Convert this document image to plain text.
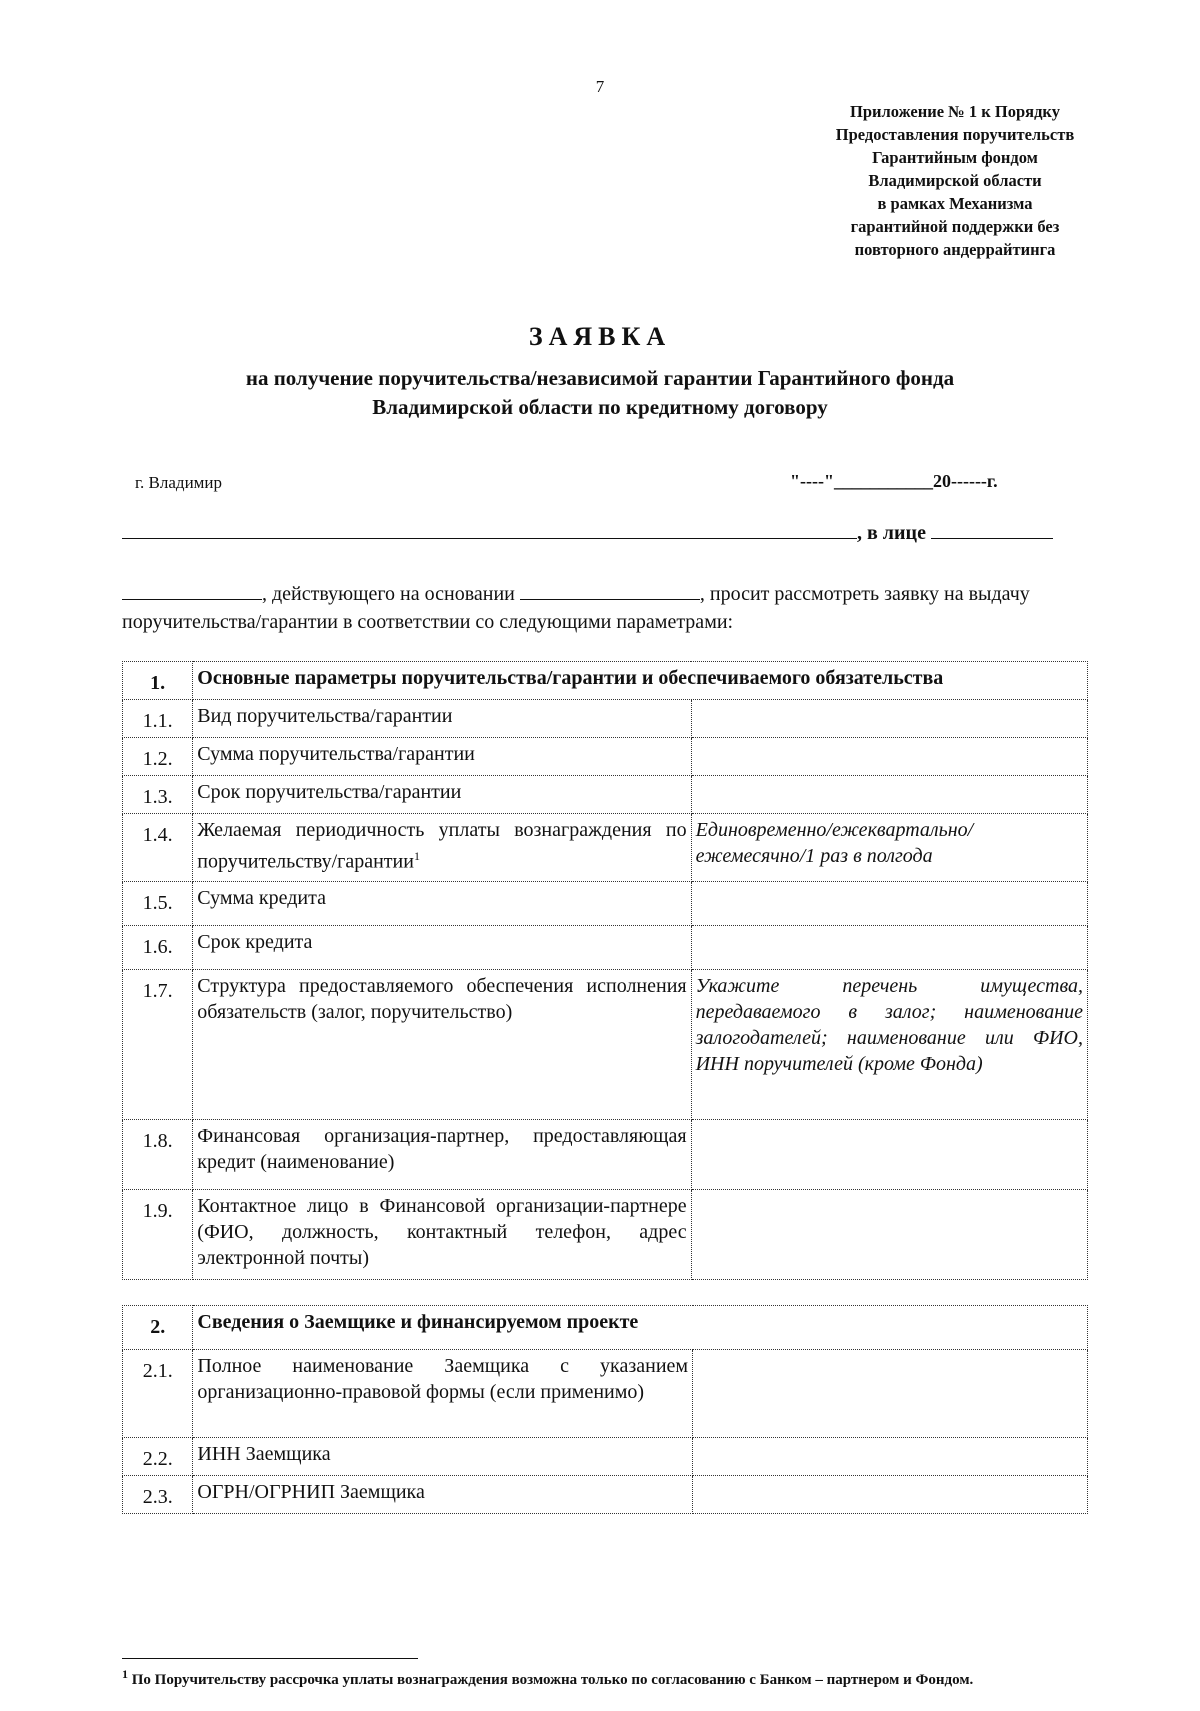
7
Приложение № 1 к Порядку
Предоставления поручительств
Гарантийным фондом
Владимирской области
в рамках Механизма
гарантийной поддержки без
повторного андеррайтинга
ЗАЯВКА
на получение поручительства/независимой гарантии Гарантийного фонда
Владимирской области по кредитному договору
г. Владимир	"----"___________20------г.
, в лице
, действующего на основании	, просит рассмотреть заявку на выдачу поручительства/гарантии в соответствии со следующими параметрами:
1.	Основные параметры поручительства/гарантии и обеспечиваемого обязательства	
1.1.	Вид поручительства/гарантии	
1.2.	Сумма поручительства/гарантии	
1.3.	Срок поручительства/гарантии	
1.4.	Желаемая периодичность уплаты вознаграждения по поручительству/гарантии$^1$	Единовременно/ежеквартально/ ежемесячно/1 раз в полгода
1.5.	Сумма кредита	
1.6.	Срок кредита	
1.7.	Структура предоставляемого обеспечения исполнения обязательств (залог, поручительство)	Укажите перечень имущества, передаваемого в залог; наименование залогодателей; наименование или ФИО, ИНН поручителей (кроме Фонда)
1.8.	Финансовая организация-партнер, предоставляющая кредит (наименование)	
1.9.	Контактное лицо в Финансовой организации-партнере (ФИО, должность, контактный телефон, адрес электронной почты)	
2.	Сведения о Заемщике и финансируемом проекте	
2.1.	Полное наименование Заемщика с указанием организационно-правовой формы (если применимо)	
2.2.	ИНН Заемщика	
2.3.	ОГРН/ОГРНИП Заемщика	
$^1$ По Поручительству рассрочка уплаты вознаграждения возможна только по согласованию с Банком – партнером и Фондом.
